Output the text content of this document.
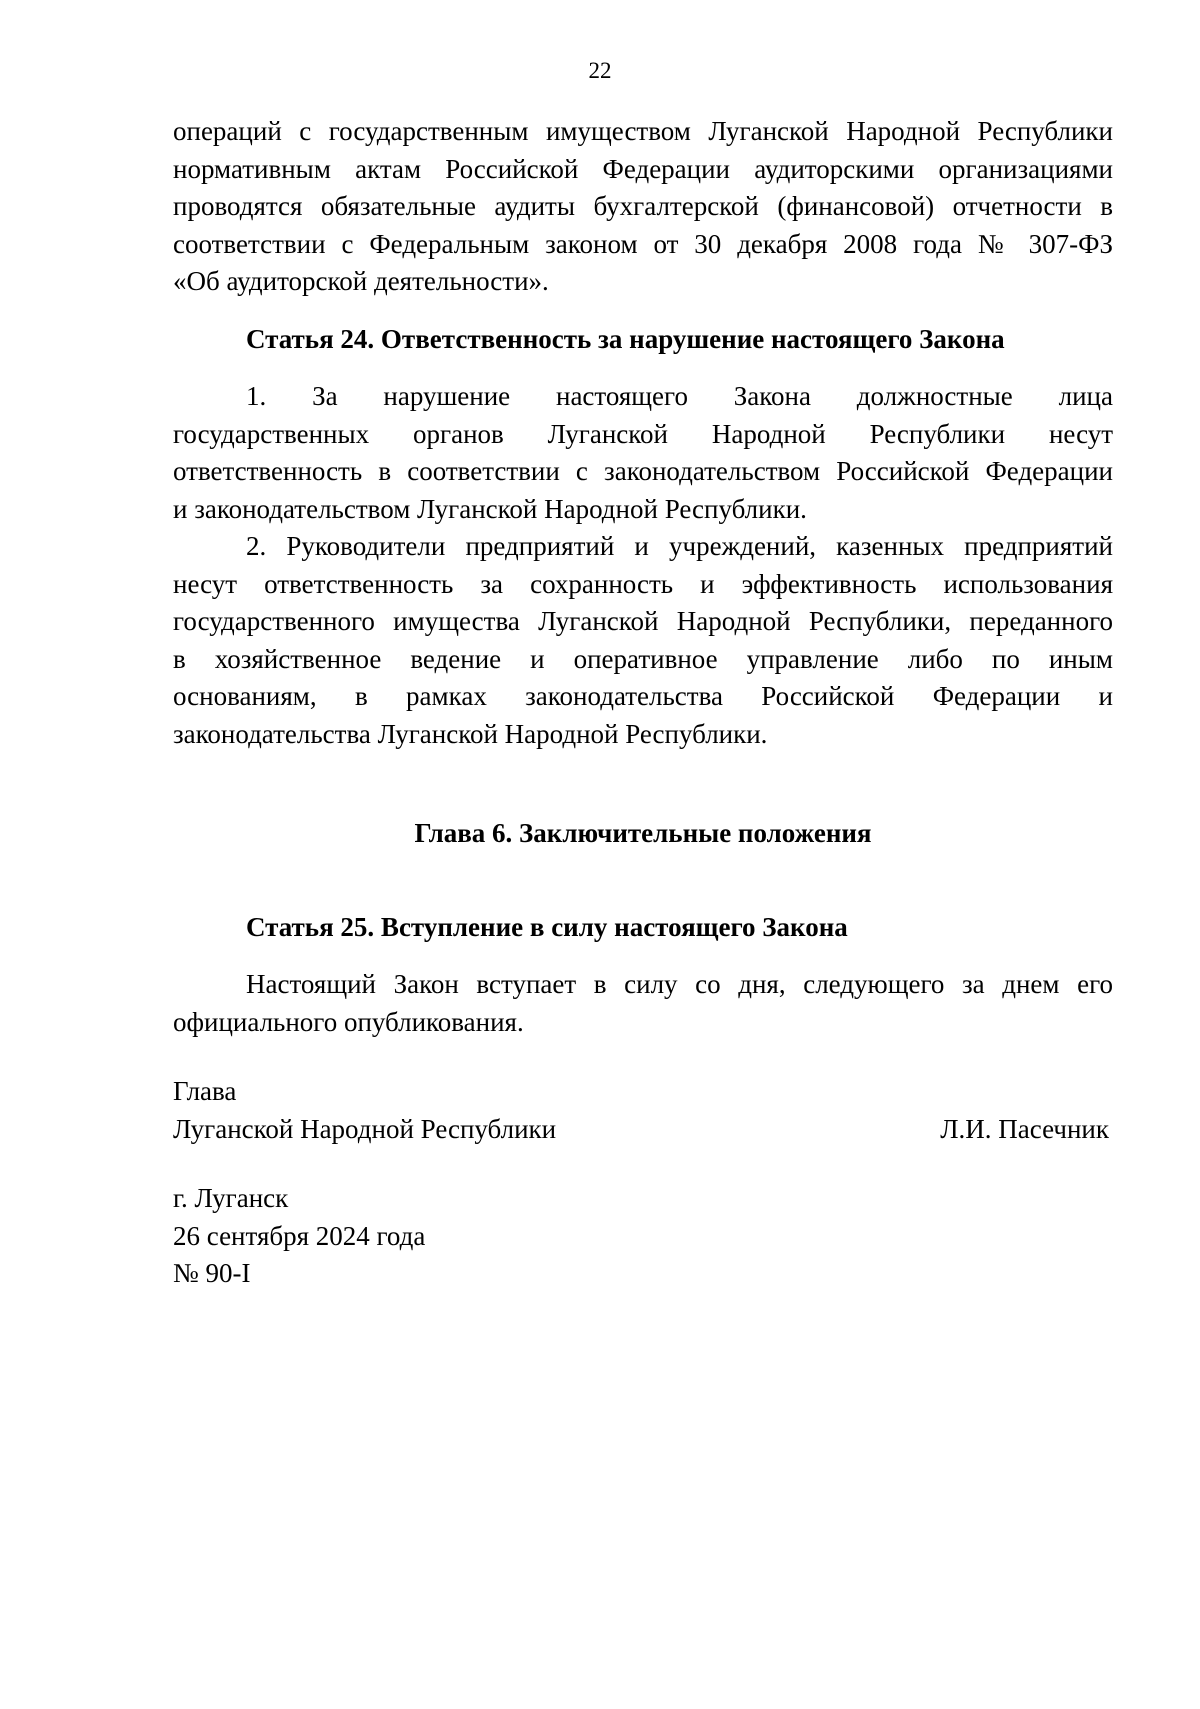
22
операций с государственным имуществом Луганской Народной Республики
нормативным актам Российской Федерации аудиторскими организациями
проводятся обязательные аудиты бухгалтерской (финансовой) отчетности в
соответствии с Федеральным законом от 30 декабря 2008 года № 307-ФЗ
«Об аудиторской деятельности».
Статья 24. Ответственность за нарушение настоящего Закона
1. За нарушение настоящего Закона должностные лица
государственных органов Луганской Народной Республики несут
ответственность в соответствии с законодательством Российской Федерации
и законодательством Луганской Народной Республики.
2. Руководители предприятий и учреждений, казенных предприятий
несут ответственность за сохранность и эффективность использования
государственного имущества Луганской Народной Республики, переданного
в хозяйственное ведение и оперативное управление либо по иным
основаниям, в рамках законодательства Российской Федерации и
законодательства Луганской Народной Республики.
Глава 6. Заключительные положения
Статья 25. Вступление в силу настоящего Закона
Настоящий Закон вступает в силу со дня, следующего за днем его
официального опубликования.
Глава
Луганской Народной Республики	Л.И. Пасечник
г. Луганск
26 сентября 2024 года
№ 90-I
